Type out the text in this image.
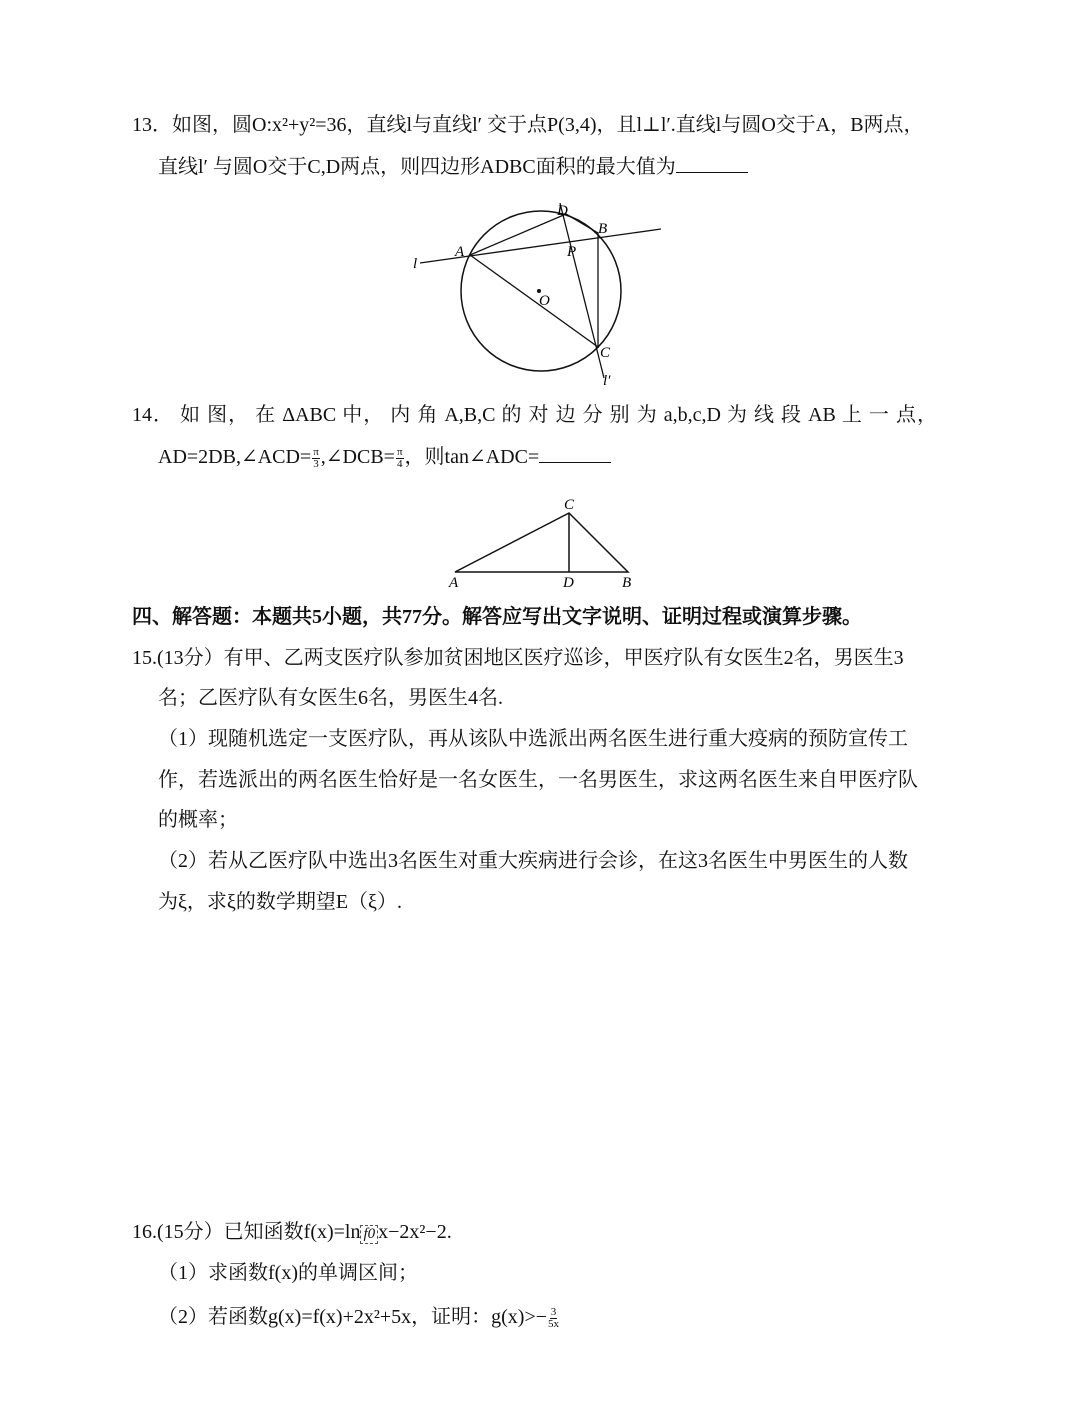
13．如图，圆O:x²+y²=36，直线l与直线l′ 交于点P(3,4)，且l⊥l′.直线l与圆O交于A，B两点，
直线l′ 与圆O交于C,D两点，则四边形ADBC面积的最大值为
D
B
A	P
O
C
l
l′
14． 如 图， 在 ΔABC 中， 内 角 A,B,C 的 对 边 分 别 为 a,b,c,D 为 线 段 AB 上 一 点，
AD=2DB,∠ACD= $\frac{\pi}{3}$ ,∠DCB= $\frac{\pi}{4}$ ，则tan∠ADC=
C
A	D	B
四、解答题：本题共5小题，共77分。解答应写出文字说明、证明过程或演算步骤。
15.(13分）有甲、乙两支医疗队参加贫困地区医疗巡诊，甲医疗队有女医生2名，男医生3
名；乙医疗队有女医生6名，男医生4名.
（1）现随机选定一支医疗队，再从该队中选派出两名医生进行重大疫病的预防宣传工
作，若选派出的两名医生恰好是一名女医生，一名男医生，求这两名医生来自甲医疗队
的概率；
（2）若从乙医疗队中选出3名医生对重大疾病进行会诊，在这3名医生中男医生的人数
为ξ，求ξ的数学期望E（ξ）.
16.(15分）已知函数f(x)=ln f0 x−2x²−2.
（1）求函数f(x)的单调区间；
（2）若函数g(x)=f(x)+2x²+5x，证明：$g(x)>- \frac{3}{5x}$
